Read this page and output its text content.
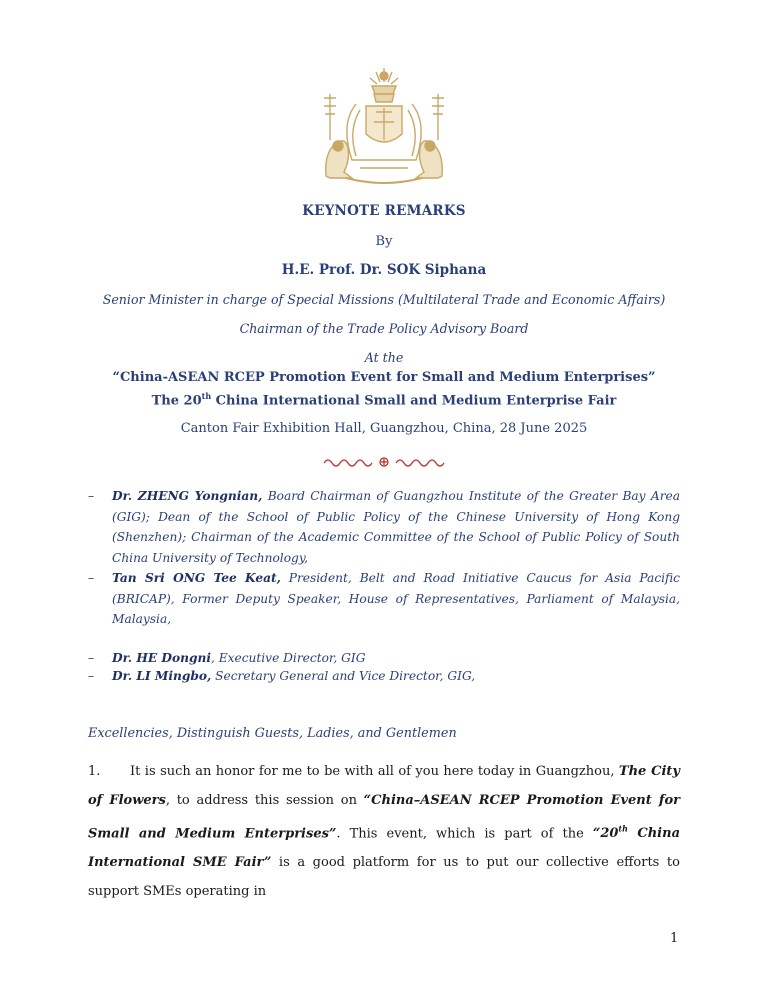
KEYNOTE REMARKS
By
H.E. Prof. Dr. SOK Siphana
Senior Minister in charge of Special Missions (Multilateral Trade and Economic Affairs)
Chairman of the Trade Policy Advisory Board
At the
“China-ASEAN RCEP Promotion Event for Small and Medium Enterprises”
The 20th China International Small and Medium Enterprise Fair
Canton Fair Exhibition Hall, Guangzhou, China, 28 June 2025
– Dr. ZHENG Yongnian, Board Chairman of Guangzhou Institute of the Greater Bay Area (GIG); Dean of the School of Public Policy of the Chinese University of Hong Kong (Shenzhen); Chairman of the Academic Committee of the School of Public Policy of South China University of Technology,
– Tan Sri ONG Tee Keat, President, Belt and Road Initiative Caucus for Asia Pacific (BRICAP), Former Deputy Speaker, House of Representatives, Parliament of Malaysia, Malaysia,
– Dr. HE Dongni, Executive Director, GIG
– Dr. LI Mingbo, Secretary General and Vice Director, GIG,
Excellencies, Distinguish Guests, Ladies, and Gentlemen
1. It is such an honor for me to be with all of you here today in Guangzhou, The City of Flowers, to address this session on “China–ASEAN RCEP Promotion Event for Small and Medium Enterprises”. This event, which is part of the “20th China International SME Fair” is a good platform for us to put our collective efforts to support SMEs operating in
1
